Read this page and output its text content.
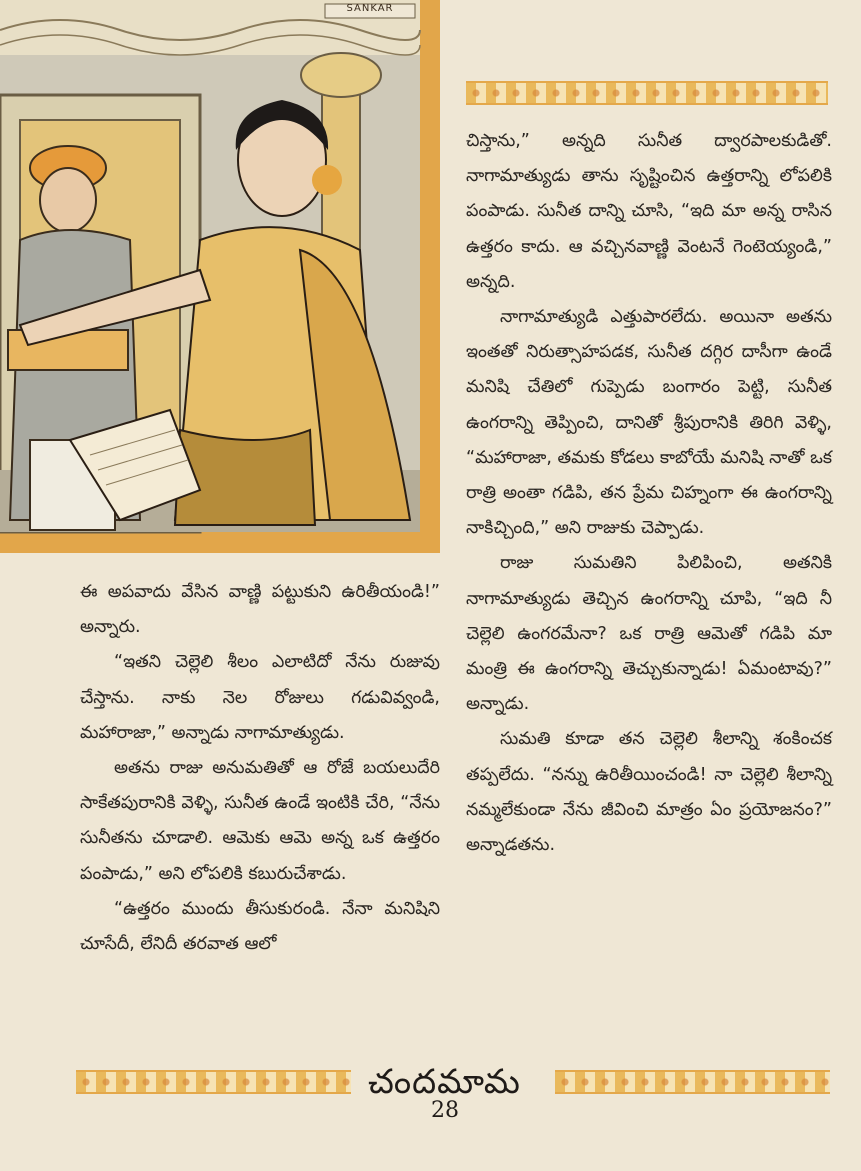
SANKAR

చిస్తాను,” అన్నది సునీత ద్వారపాలకుడితో. నాగామాత్యుడు తాను సృష్టించిన ఉత్తరాన్ని లోపలికి పంపాడు. సునీత దాన్ని చూసి, “ఇది మా అన్న రాసిన ఉత్తరం కాదు. ఆ వచ్చినవాణ్ణి వెంటనే గెంటెయ్యండి,” అన్నది.

నాగామాత్యుడి ఎత్తుపారలేదు. అయినా అతను ఇంతతో నిరుత్సాహపడక, సునీత దగ్గిర దాసీగా ఉండే మనిషి చేతిలో గుప్పెడు బంగారం పెట్టి, సునీత ఉంగరాన్ని తెప్పించి, దానితో శ్రీపురానికి తిరిగి వెళ్ళి, “మహారాజా, తమకు కోడలు కాబోయే మనిషి నాతో ఒక రాత్రి అంతా గడిపి, తన ప్రేమ చిహ్నంగా ఈ ఉంగరాన్ని నాకిచ్చింది,” అని రాజుకు చెప్పాడు.

రాజు సుమతిని పిలిపించి, అతనికి నాగామాత్యుడు తెచ్చిన ఉంగరాన్ని చూపి, “ఇది నీ చెల్లెలి ఉంగరమేనా? ఒక రాత్రి ఆమెతో గడిపి మా మంత్రి ఈ ఉంగరాన్ని తెచ్చుకున్నాడు! ఏమంటావు?” అన్నాడు.

సుమతి కూడా తన చెల్లెలి శీలాన్ని శంకించక తప్పలేదు. “నన్ను ఉరితీయించండి! నా చెల్లెలి శీలాన్ని నమ్మలేకుండా నేను జీవించి మాత్రం ఏం ప్రయోజనం?” అన్నాడతను.

ఈ అపవాదు వేసిన వాణ్ణి పట్టుకుని ఉరితీయండి!” అన్నారు.

“ఇతని చెల్లెలి శీలం ఎలాటిదో నేను రుజువు చేస్తాను. నాకు నెల రోజులు గడువివ్వండి, మహారాజా,” అన్నాడు నాగామాత్యుడు.

అతను రాజు అనుమతితో ఆ రోజే బయలుదేరి సాకేతపురానికి వెళ్ళి, సునీత ఉండే ఇంటికి చేరి, “నేను సునీతను చూడాలి. ఆమెకు ఆమె అన్న ఒక ఉత్తరం పంపాడు,” అని లోపలికి కబురుచేశాడు.

“ఉత్తరం ముందు తీసుకురండి. నేనా మనిషిని చూసేదీ, లేనిదీ తరవాత ఆలో

చందమామ
28
